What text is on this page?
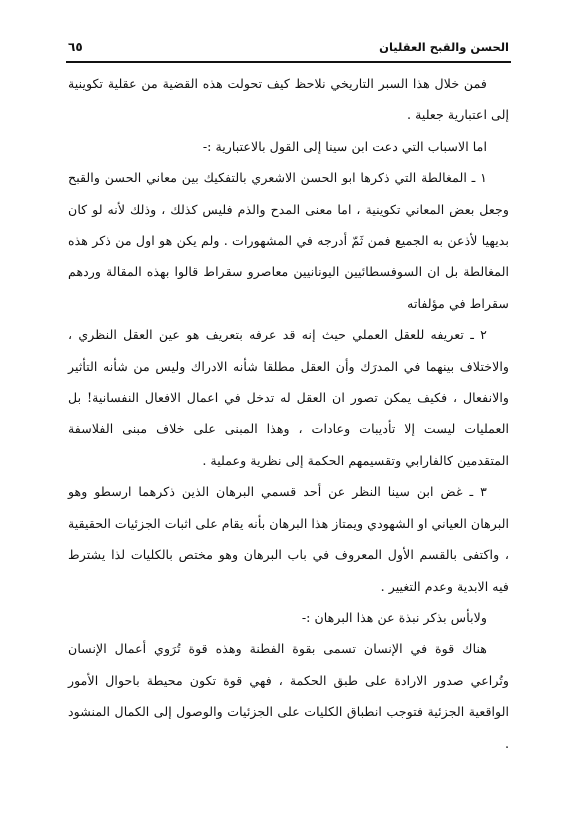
٦٥	الحسن والقبح العقليان

فمن خلال هذا السبر التاريخي نلاحظ كيف تحولت هذه القضية من عقلية تكوينية إلى اعتبارية جعلية .

اما الاسباب التي دعت ابن سينا إلى القول بالاعتبارية :-

١ ـ المغالطة التي ذكرها ابو الحسن الاشعري بالتفكيك بين معاني الحسن والقبح وجعل بعض المعاني تكوينية ، اما معنى المدح والذم فليس كذلك ، وذلك لأنه لو كان بديهيا لأذعن به الجميع فمن ثَمّ أدرجه في المشهورات . ولم يكن هو اول من ذكر هذه المغالطة بل ان السوفسطائيين اليونانيين معاصرو سقراط قالوا بهذه المقالة وردهم سقراط في مؤلفاته

٢ ـ تعريفه للعقل العملي حيث إنه قد عرفه بتعريف هو عين العقل النظري ، والاختلاف بينهما في المدرَك وأن العقل مطلقا شأنه الادراك وليس من شأنه التأثير والانفعال ، فكيف يمكن تصور ان العقل له تدخل في اعمال الافعال النفسانية! بل العمليات ليست إلا تأديبات وعادات ، وهذا المبنى على خلاف مبنى الفلاسفة المتقدمين كالفارابي وتقسيمهم الحكمة إلى نظرية وعملية .

٣ ـ غض ابن سينا النظر عن أحد قسمي البرهان الذين ذكرهما ارسطو وهو البرهان العياني او الشهودي ويمتاز هذا البرهان بأنه يقام على اثبات الجزئيات الحقيقية ، واكتفى بالقسم الأول المعروف في باب البرهان وهو مختص بالكليات لذا يشترط فيه الابدية وعدم التغيير .

ولابأس بذكر نبذة عن هذا البرهان :-

هناك قوة في الإنسان تسمى بقوة الفطنة وهذه قوة تُرَوي أعمال الإنسان وتُراعي صدور الارادة على طبق الحكمة ، فهي قوة تكون محيطة باحوال الأمور الواقعية الجزئية فتوجب انطباق الكليات على الجزئيات والوصول إلى الكمال المنشود .
